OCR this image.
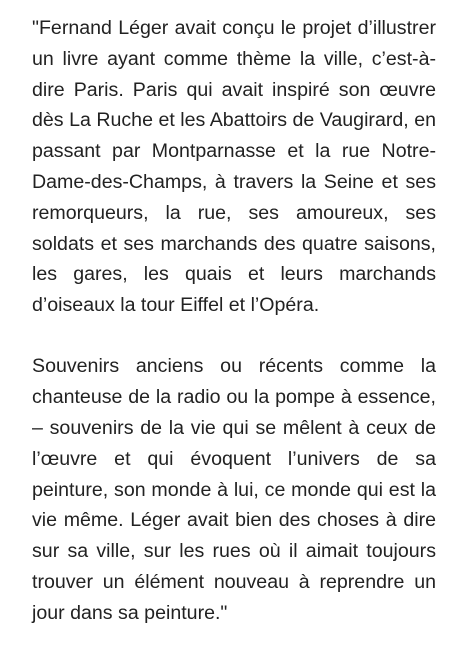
"Fernand Léger avait conçu le projet d’illustrer un livre ayant comme thème la ville, c’est-à-dire Paris. Paris qui avait inspiré son œuvre dès La Ruche et les Abattoirs de Vaugirard, en passant par Montparnasse et la rue Notre-Dame-des-Champs, à travers la Seine et ses remorqueurs, la rue, ses amoureux, ses soldats et ses marchands des quatre saisons, les gares, les quais et leurs marchands d’oiseaux la tour Eiffel et l’Opéra.

Souvenirs anciens ou récents comme la chanteuse de la radio ou la pompe à essence, – souvenirs de la vie qui se mêlent à ceux de l’œuvre et qui évoquent l’univers de sa peinture, son monde à lui, ce monde qui est la vie même. Léger avait bien des choses à dire sur sa ville, sur les rues où il aimait toujours trouver un élément nouveau à reprendre un jour dans sa peinture."
